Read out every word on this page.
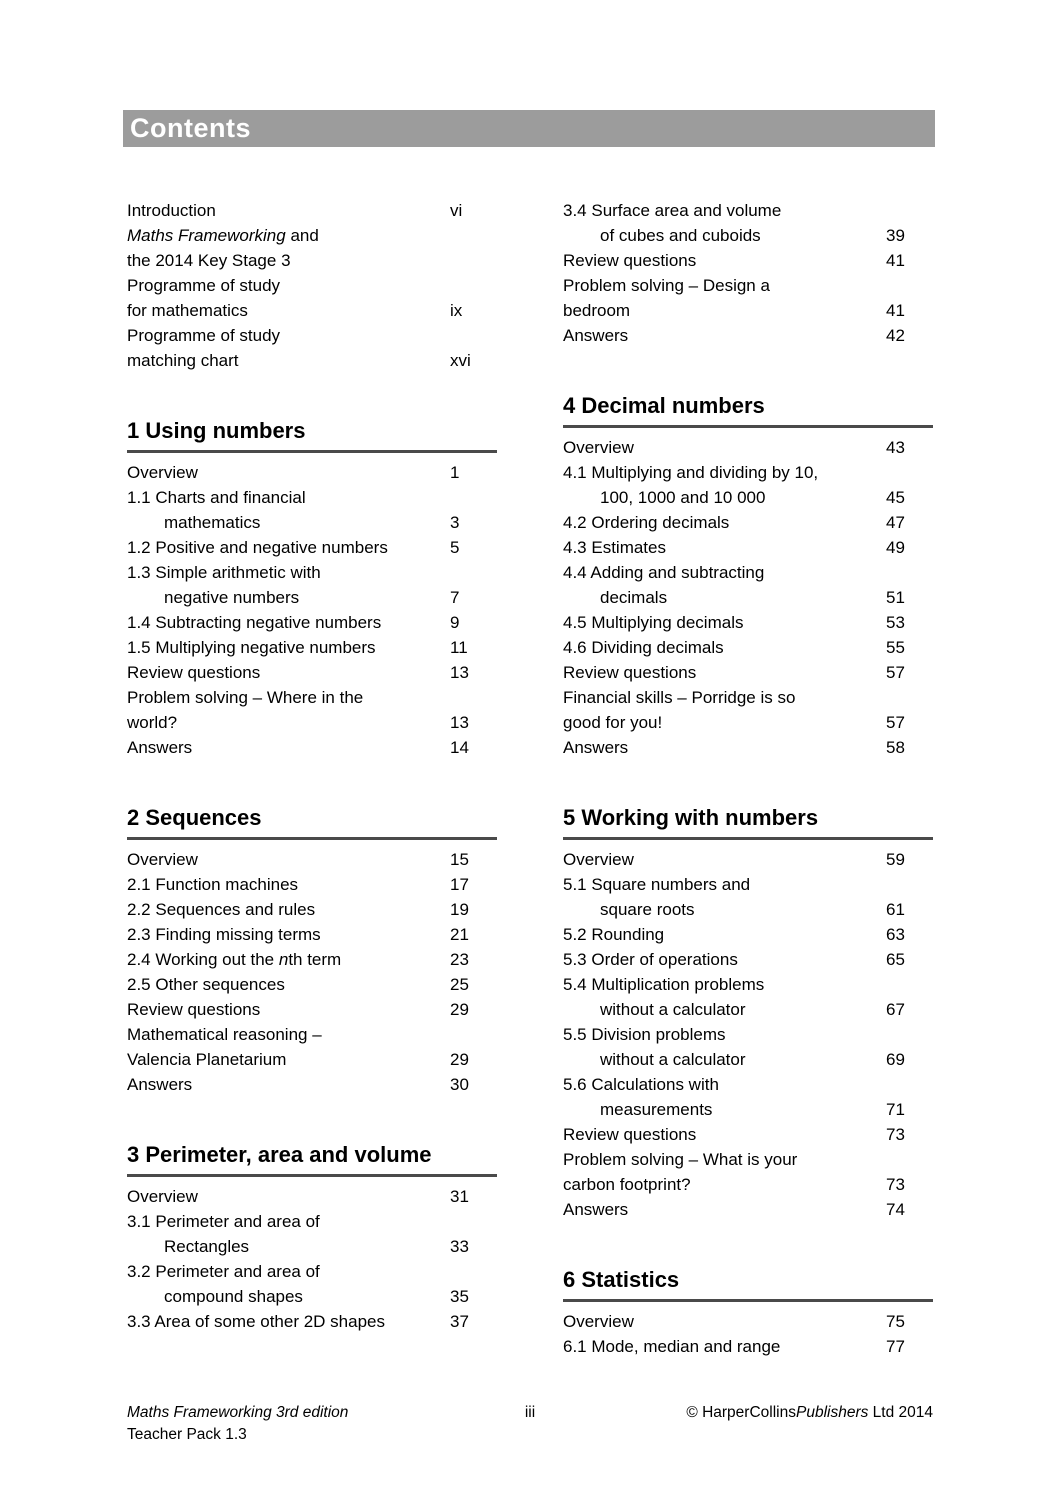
Contents
Introduction	vi
Maths Frameworking and
the 2014 Key Stage 3
Programme of study
for mathematics	ix
Programme of study
matching chart	xvi
1 Using numbers
Overview	1
1.1 Charts and financial
mathematics	3
1.2 Positive and negative numbers	5
1.3 Simple arithmetic with
negative numbers	7
1.4 Subtracting negative numbers	9
1.5 Multiplying negative numbers	11
Review questions	13
Problem solving – Where in the
world?	13
Answers	14
2 Sequences
Overview	15
2.1 Function machines	17
2.2 Sequences and rules	19
2.3 Finding missing terms	21
2.4 Working out the nth term	23
2.5 Other sequences	25
Review questions	29
Mathematical reasoning –
Valencia Planetarium	29
Answers	30
3 Perimeter, area and volume
Overview	31
3.1 Perimeter and area of
Rectangles	33
3.2 Perimeter and area of
compound shapes	35
3.3 Area of some other 2D shapes	37
3.4 Surface area and volume
of cubes and cuboids	39
Review questions	41
Problem solving – Design a
bedroom	41
Answers	42
4 Decimal numbers
Overview	43
4.1 Multiplying and dividing by 10,
100, 1000 and 10 000	45
4.2 Ordering decimals	47
4.3 Estimates	49
4.4 Adding and subtracting
decimals	51
4.5 Multiplying decimals	53
4.6 Dividing decimals	55
Review questions	57
Financial skills – Porridge is so
good for you!	57
Answers	58
5 Working with numbers
Overview	59
5.1 Square numbers and
square roots	61
5.2 Rounding	63
5.3 Order of operations	65
5.4 Multiplication problems
without a calculator	67
5.5 Division problems
without a calculator	69
5.6 Calculations with
measurements	71
Review questions	73
Problem solving – What is your
carbon footprint?	73
Answers	74
6 Statistics
Overview	75
6.1 Mode, median and range	77
Maths Frameworking 3rd edition
Teacher Pack 1.3
iii	© HarperCollinsPublishers Ltd 2014
